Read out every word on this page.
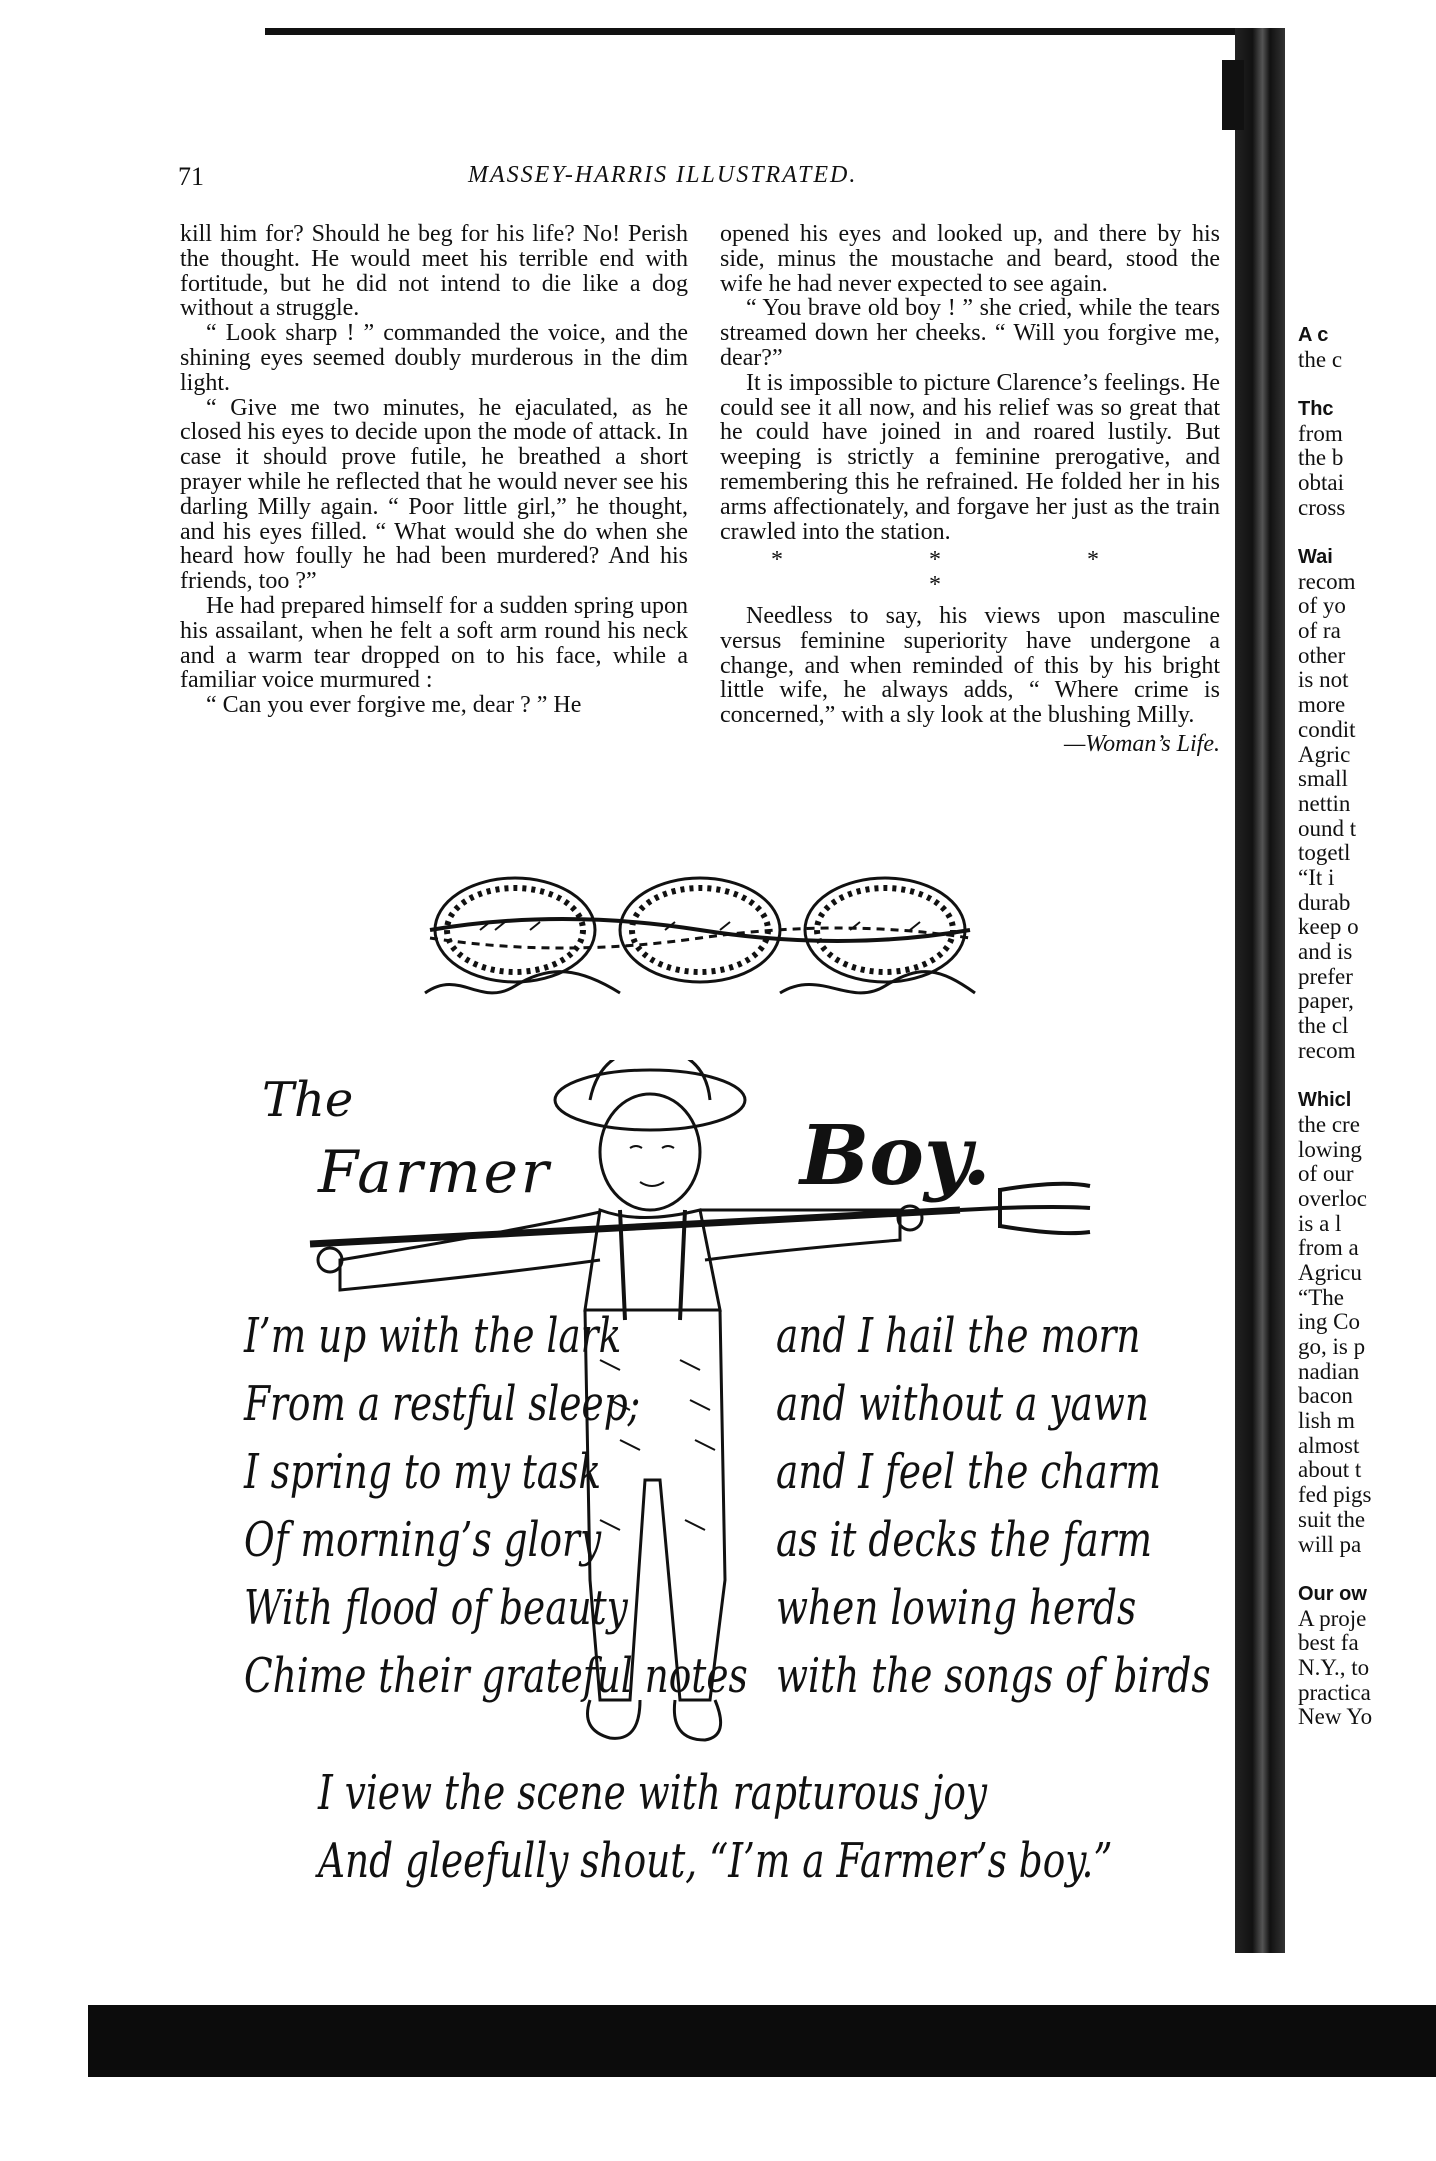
71	MASSEY-HARRIS ILLUSTRATED.

kill him for? Should he beg for his life? No! Perish the thought. He would meet his terrible end with fortitude, but he did not intend to die like a dog without a struggle.

“ Look sharp ! ” commanded the voice, and the shining eyes seemed doubly murderous in the dim light.

“ Give me two minutes, he ejaculated, as he closed his eyes to decide upon the mode of attack. In case it should prove futile, he breathed a short prayer while he reflected that he would never see his darling Milly again. “ Poor little girl,” he thought, and his eyes filled. “ What would she do when she heard how foully he had been murdered? And his friends, too ?”

He had prepared himself for a sudden spring upon his assailant, when he felt a soft arm round his neck and a warm tear dropped on to his face, while a familiar voice murmured :

“ Can you ever forgive me, dear ? ” He

opened his eyes and looked up, and there by his side, minus the moustache and beard, stood the wife he had never expected to see again.

“ You brave old boy ! ” she cried, while the tears streamed down her cheeks. “ Will you forgive me, dear?”

It is impossible to picture Clarence’s feelings. He could see it all now, and his relief was so great that he could have joined in and roared lustily. But weeping is strictly a feminine prerogative, and remembering this he refrained. He folded her in his arms affectionately, and forgave her just as the train crawled into the station.

* * * *

Needless to say, his views upon masculine versus feminine superiority have undergone a change, and when reminded of this by his bright little wife, he always adds, “ Where crime is concerned,” with a sly look at the blushing Milly.

—Woman’s Life.

The
Farmer	Boy.
I’m up with the lark
From a restful sleep;
I spring to my task
Of morning’s glory
With flood of beauty
Chime their grateful notes
and I hail the morn
and without a yawn
and I feel the charm
as it decks the farm
when lowing herds
with the songs of birds
I view the scene with rapturous joy
And gleefully shout, “I’m a Farmer’s boy.”
A c
the c
Thc
from
the b
obtai
cross
Wai
recom
of yo
of ra
other
is not
more
condit
Agric
small
nettin
ound t
togetl
“It i
durab
keep o
and is
prefer
paper,
the cl
recom
Whicl
the cre
lowing
of our
overloc
is a l
from a
Agricu
“The
ing Co
go, is p
nadian
bacon
lish m
almost
about t
fed pigs
suit the
will pa
Our ow
A proje
best fa
N.Y., to
practica
New Yo
